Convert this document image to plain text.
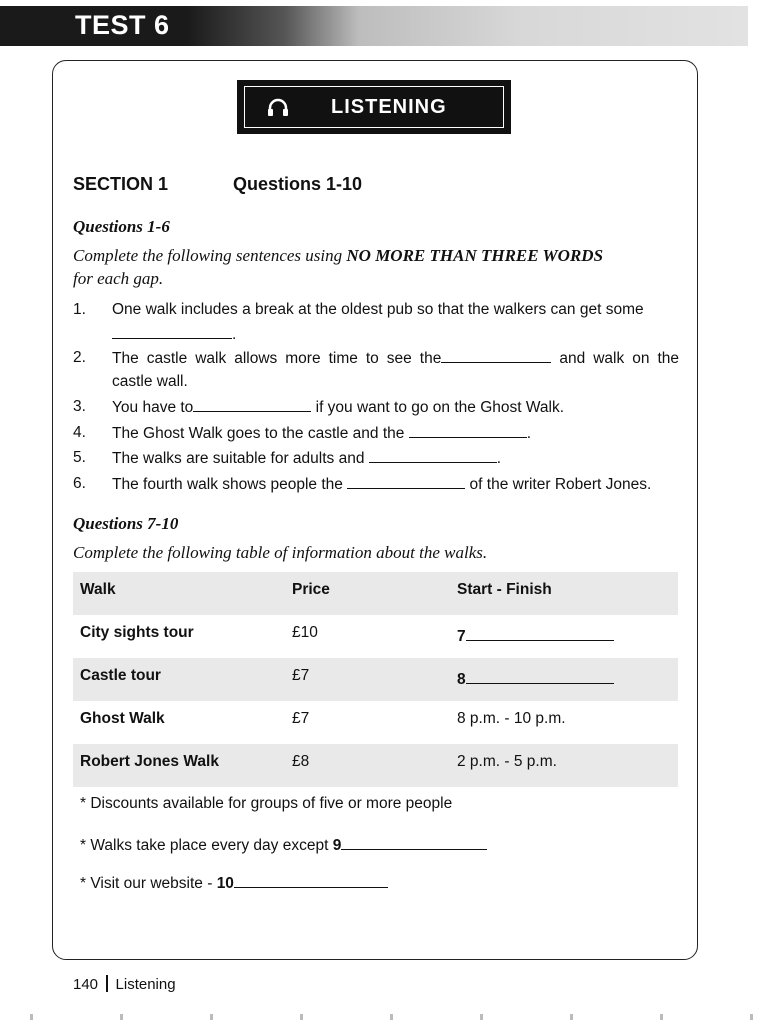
TEST 6
LISTENING
SECTION 1	Questions 1-10
Questions 1-6
Complete the following sentences using NO MORE THAN THREE WORDS
for each gap.
1. One walk includes a break at the oldest pub so that the walkers can get some
.
2. The castle walk allows more time to see the	and walk on the
castle wall.
3. You have to	if you want to go on the Ghost Walk.
4. The Ghost Walk goes to the castle and the	.
5. The walks are suitable for adults and	.
6. The fourth walk shows people the	of the writer Robert Jones.
Questions 7-10
Complete the following table of information about the walks.
Walk	Price	Start - Finish
City sights tour	£10	7
Castle tour	£7	8
Ghost Walk	£7	8 p.m. - 10 p.m.
Robert Jones Walk	£8	2 p.m. - 5 p.m.
* Discounts available for groups of five or more people
* Walks take place every day except 9
* Visit our website - 10
140 Listening
